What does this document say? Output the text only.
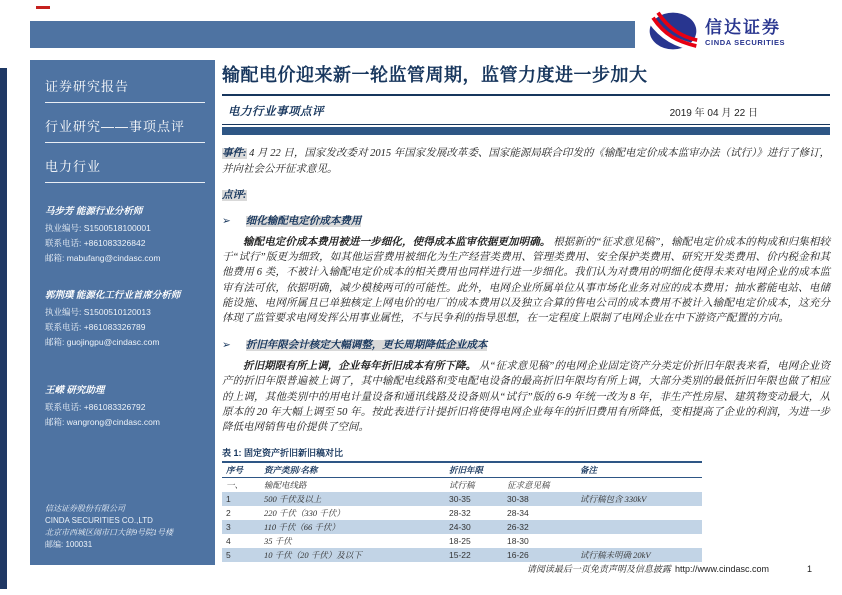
信达证券
CINDA SECURITIES
证券研究报告
行业研究——事项点评
电力行业
马步芳 能源行业分析师
执业编号: S1500518100001
联系电话: +861083326842
邮箱: mabufang@cindasc.com
郭荆璞 能源化工行业首席分析师
执业编号: S1500510120013
联系电话: +861083326789
邮箱: guojingpu@cindasc.com
王嵘 研究助理
联系电话: +861083326792
邮箱: wangrong@cindasc.com
信达证券股份有限公司
CINDA SECURITIES CO.,LTD
北京市西城区闹市口大街9号院1号楼
邮编: 100031
输配电价迎来新一轮监管周期，监管力度进一步加大
电力行业事项点评	2019 年 04 月 22 日
事件: 4 月 22 日，国家发改委对 2015 年国家发展改革委、国家能源局联合印发的《输配电定价成本监审办法（试行）》进行了修订，并向社会公开征求意见。
点评:
➢ 细化输配电定价成本费用
输配电定价成本费用被进一步细化，使得成本监审依据更加明确。 根据新的“征求意见稿”，输配电定价成本的构成和归集相较于“试行”版更为细致，如其他运营费用被细化为生产经营类费用、管理类费用、安全保护类费用、研究开发类费用、价内税金和其他费用 6 类，不被计入输配电定价成本的相关费用也同样进行进一步细化。我们认为对费用的明细化使得未来对电网企业的成本监审有法可依，依据明确，减少模棱两可的可能性。此外，电网企业所属单位从事市场化业务对应的成本费用；抽水蓄能电站、电储能设施、电网所属且已单独核定上网电价的电厂的成本费用以及独立合算的售电公司的成本费用不被计入输配电定价成本，这充分体现了监管要求电网发挥公用事业属性，不与民争利的指导思想，在一定程度上限制了电网企业在中下游资产配置的方向。
➢ 折旧年限会计核定大幅调整，更长周期降低企业成本
折旧期限有所上调，企业每年折旧成本有所下降。 从“征求意见稿”的电网企业固定资产分类定价折旧年限表来看，电网企业资产的折旧年限普遍被上调了，其中输配电线路和变电配电设备的最高折旧年限均有所上调，大部分类别的最低折旧年限也做了相应的上调，其他类别中的用电计量设备和通讯线路及设备则从“试行”版的 6-9 年统一改为 8 年，非生产性房屋、建筑物变动最大，从原本的 20 年大幅上调至 50 年。按此表进行计提折旧将使得电网企业每年的折旧费用有所降低，变相提高了企业的利润，为进一步降低电网销售电价提供了空间。
表 1: 固定资产折旧新旧稿对比
序号	资产类别/名称	折旧年限		备注
一、	输配电线路	试行稿	征求意见稿	
1	500 千伏及以上	30-35	30-38	试行稿包含 330kV
2	220 千伏（330 千伏）	28-32	28-34	
3	110 千伏（66 千伏）	24-30	26-32	
4	35 千伏	18-25	18-30	
5	10 千伏（20 千伏）及以下	15-22	16-26	试行稿未明确 20kV
请阅读最后一页免责声明及信息披露 http://www.cindasc.com	1
